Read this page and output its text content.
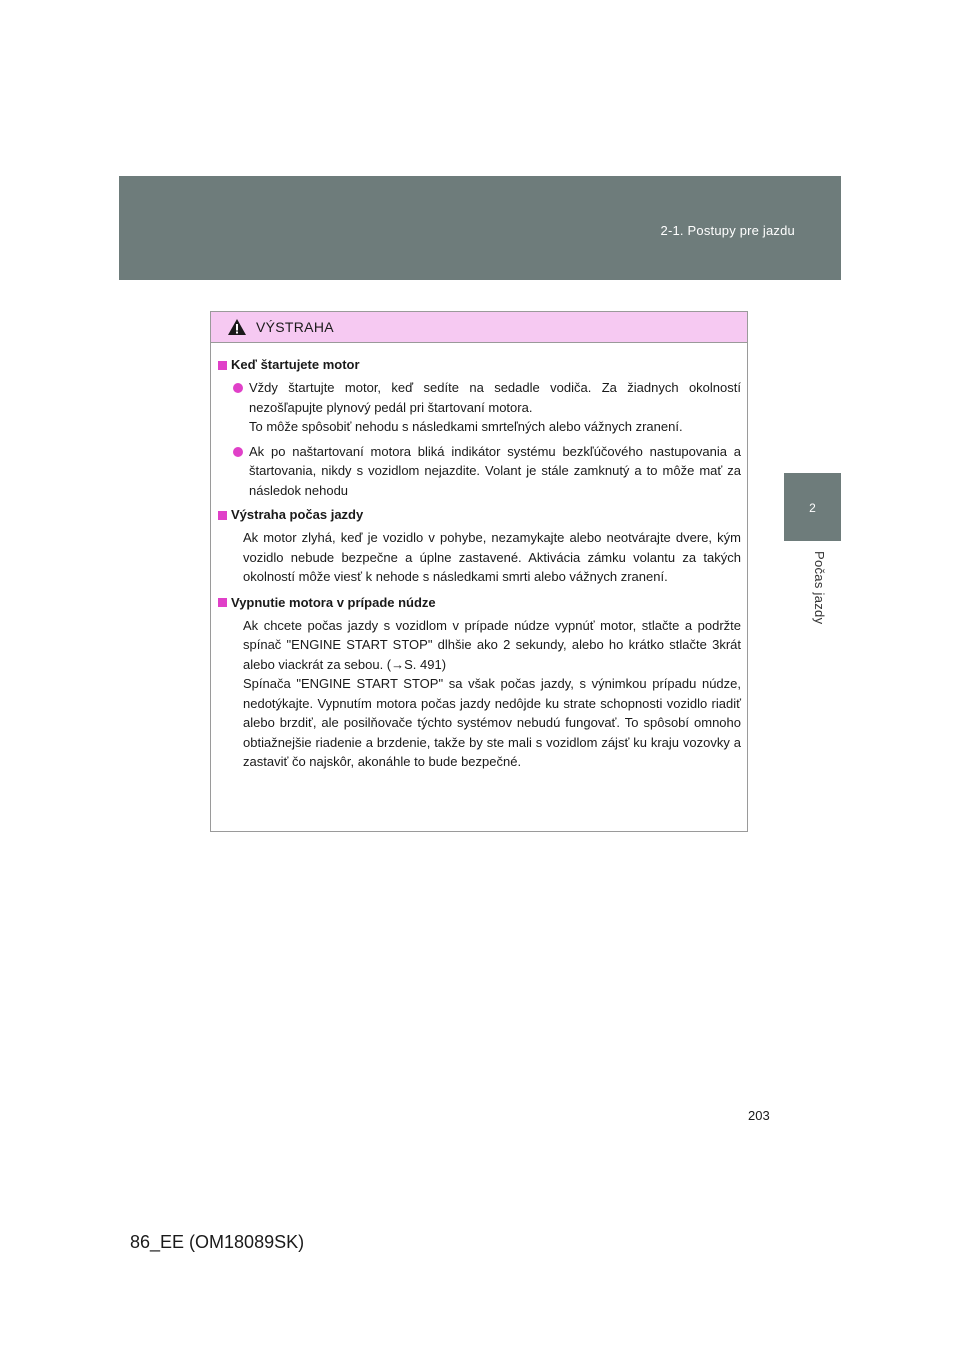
2-1. Postupy pre jazdu
2
Počas jazdy
VÝSTRAHA
Keď štartujete motor
Vždy štartujte motor, keď sedíte na sedadle vodiča. Za žiadnych okolností nezošľapujte plynový pedál pri štartovaní motora.
To môže spôsobiť nehodu s následkami smrteľných alebo vážnych zranení.
Ak po naštartovaní motora bliká indikátor systému bezkľúčového nastupovania a štartovania, nikdy s vozidlom nejazdite. Volant je stále zamknutý a to môže mať za následok nehodu
Výstraha počas jazdy
Ak motor zlyhá, keď je vozidlo v pohybe, nezamykajte alebo neotvárajte dvere, kým vozidlo nebude bezpečne a úplne zastavené. Aktivácia zámku volantu za takých okolností môže viesť k nehode s následkami smrti alebo vážnych zranení.
Vypnutie motora v prípade núdze
Ak chcete počas jazdy s vozidlom v prípade núdze vypnúť motor, stlačte a podržte spínač "ENGINE START STOP" dlhšie ako 2 sekundy, alebo ho krátko stlačte 3krát alebo viackrát za sebou. (→S. 491)
Spínača "ENGINE START STOP" sa však počas jazdy, s výnimkou prípadu núdze, nedotýkajte. Vypnutím motora počas jazdy nedôjde ku strate schopnosti vozidlo riadiť alebo brzdiť, ale posilňovače týchto systémov nebudú fungovať. To spôsobí omnoho obtiažnejšie riadenie a brzdenie, takže by ste mali s vozidlom zájsť ku kraju vozovky a zastaviť čo najskôr, akonáhle to bude bezpečné.
203
86_EE (OM18089SK)
